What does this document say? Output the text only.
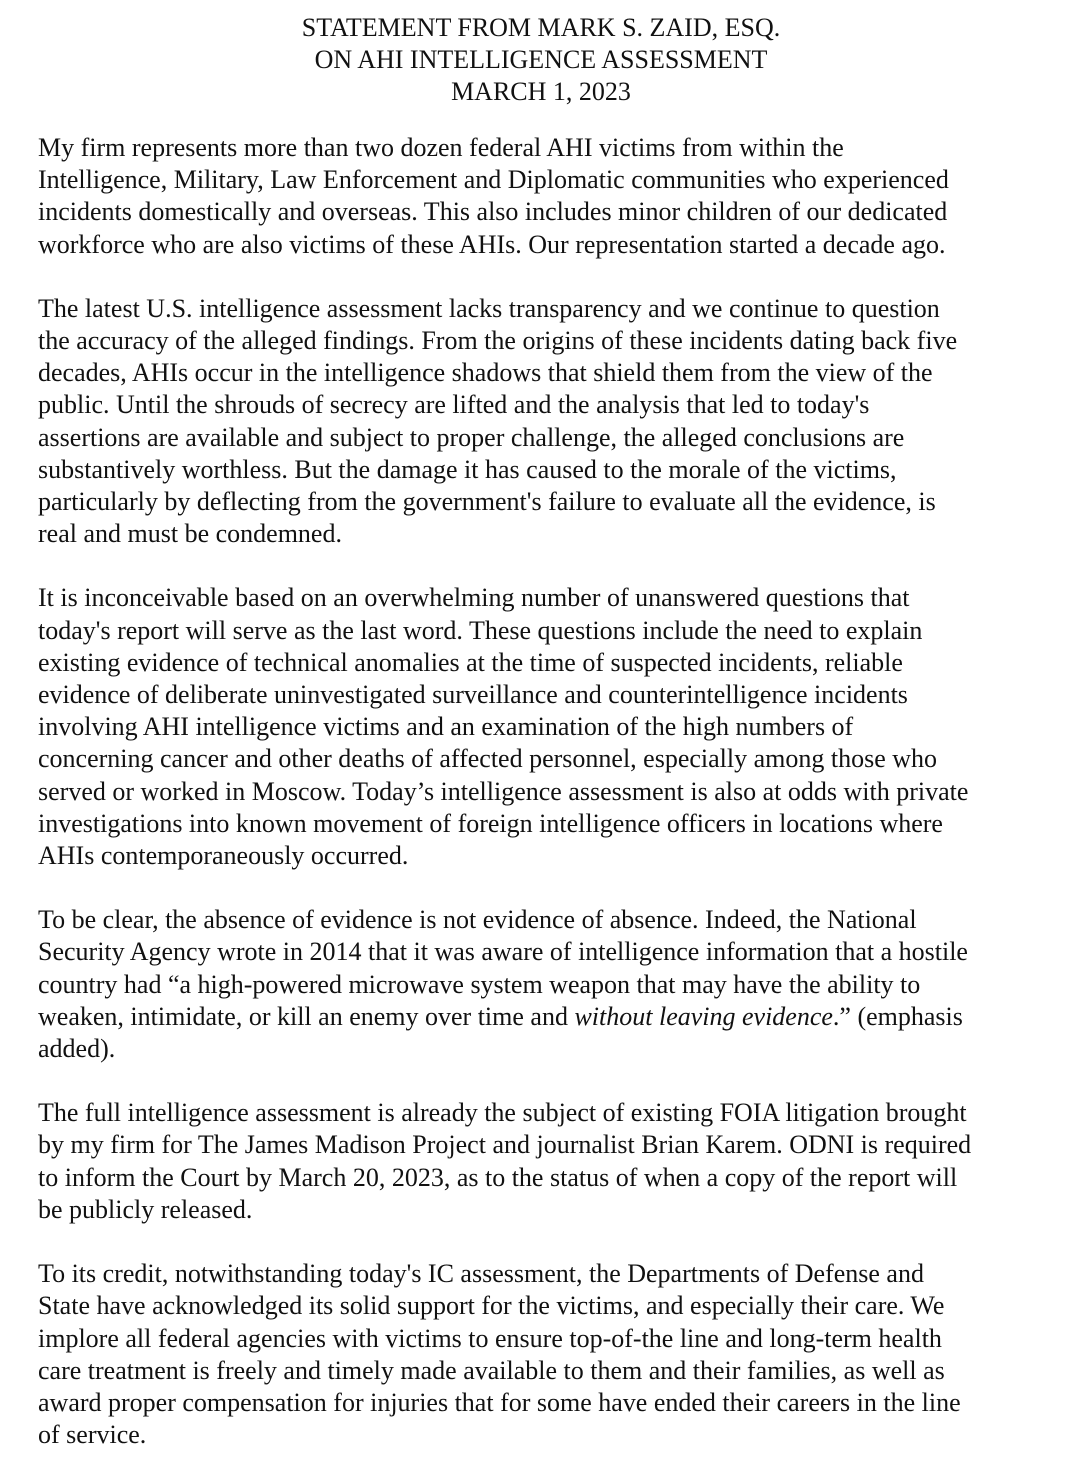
STATEMENT FROM MARK S. ZAID, ESQ.
ON AHI INTELLIGENCE ASSESSMENT
MARCH 1, 2023
My firm represents more than two dozen federal AHI victims from within the
Intelligence, Military, Law Enforcement and Diplomatic communities who experienced
incidents domestically and overseas. This also includes minor children of our dedicated
workforce who are also victims of these AHIs. Our representation started a decade ago.
The latest U.S. intelligence assessment lacks transparency and we continue to question
the accuracy of the alleged findings. From the origins of these incidents dating back five
decades, AHIs occur in the intelligence shadows that shield them from the view of the
public. Until the shrouds of secrecy are lifted and the analysis that led to today's
assertions are available and subject to proper challenge, the alleged conclusions are
substantively worthless. But the damage it has caused to the morale of the victims,
particularly by deflecting from the government's failure to evaluate all the evidence, is
real and must be condemned.
It is inconceivable based on an overwhelming number of unanswered questions that
today's report will serve as the last word. These questions include the need to explain
existing evidence of technical anomalies at the time of suspected incidents, reliable
evidence of deliberate uninvestigated surveillance and counterintelligence incidents
involving AHI intelligence victims and an examination of the high numbers of
concerning cancer and other deaths of affected personnel, especially among those who
served or worked in Moscow. Today’s intelligence assessment is also at odds with private
investigations into known movement of foreign intelligence officers in locations where
AHIs contemporaneously occurred.
To be clear, the absence of evidence is not evidence of absence. Indeed, the National
Security Agency wrote in 2014 that it was aware of intelligence information that a hostile
country had “a high-powered microwave system weapon that may have the ability to
weaken, intimidate, or kill an enemy over time and without leaving evidence.” (emphasis
added).
The full intelligence assessment is already the subject of existing FOIA litigation brought
by my firm for The James Madison Project and journalist Brian Karem. ODNI is required
to inform the Court by March 20, 2023, as to the status of when a copy of the report will
be publicly released.
To its credit, notwithstanding today's IC assessment, the Departments of Defense and
State have acknowledged its solid support for the victims, and especially their care. We
implore all federal agencies with victims to ensure top-of-the line and long-term health
care treatment is freely and timely made available to them and their families, as well as
award proper compensation for injuries that for some have ended their careers in the line
of service.
